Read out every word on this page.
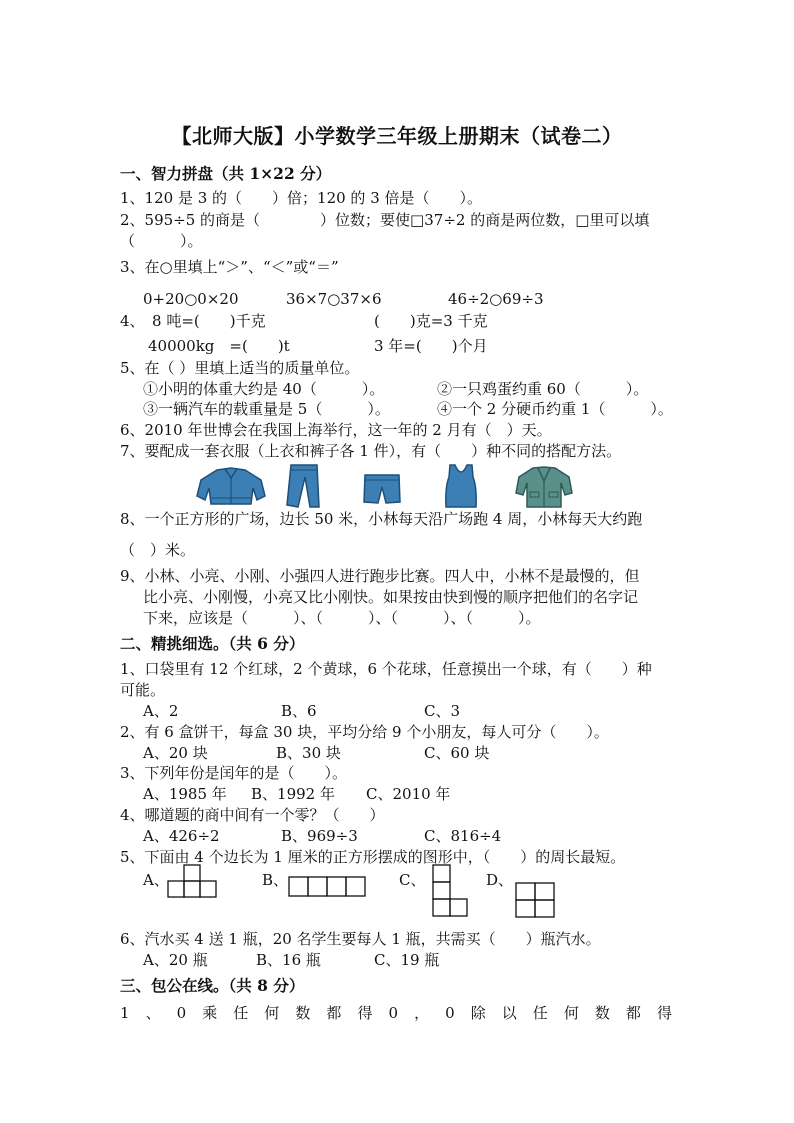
【北师大版】小学数学三年级上册期末（试卷二）
一、智力拼盘（共 1×22 分）
1、120 是 3 的（　　）倍；120 的 3 倍是（　　）。
2、595÷5 的商是（　　　　）位数；要使□37÷2 的商是两位数，□里可以填
（　　　）。
3、在○里填上“＞”、“＜”或“＝”
0+20○0×20	36×7○37×6	46÷2○69÷3
4、　8 吨=(　　)千克	(　　)克=3 千克
40000kg　=(　　)t	3 年=(　　)个月
5、在（ ）里填上适当的质量单位。
①小明的体重大约是 40（　　　）。	②一只鸡蛋约重 60（　　　）。
③一辆汽车的载重量是 5（　　　）。	④一个 2 分硬币约重 1（　　　）。
6、2010 年世博会在我国上海举行，这一年的 2 月有（　）天。
7、要配成一套衣服（上衣和裤子各 1 件），有（　　）种不同的搭配方法。
8、一个正方形的广场，边长 50 米，小林每天沿广场跑 4 周，小林每天大约跑
（　）米。
9、小林、小亮、小刚、小强四人进行跑步比赛。四人中，小林不是最慢的，但
比小亮、小刚慢，小亮又比小刚快。如果按由快到慢的顺序把他们的名字记
下来，应该是（　　　）、（　　　）、（　　　）、（　　　）。
二、精挑细选。（共 6 分）
1、口袋里有 12 个红球，2 个黄球，6 个花球，任意摸出一个球，有（　　）种
可能。
A、2	B、6	C、3
2、有 6 盒饼干，每盒 30 块，平均分给 9 个小朋友，每人可分（　　）。
A、20 块	B、30 块	C、60 块
3、下列年份是闰年的是（　　）。
A、1985 年 B、1992 年 C、2010 年
4、哪道题的商中间有一个零？（　　）
A、426÷2	B、969÷3	C、816÷4
5、下面由 4 个边长为 1 厘米的正方形摆成的图形中，（　　）的周长最短。
A、	B、	C、	D、
6、汽水买 4 送 1 瓶，20 名学生要每人 1 瓶，共需买（　　）瓶汽水。
A、20 瓶	B、16 瓶	C、19 瓶
三、包公在线。（共 8 分）
1 、 0 乘 任 何 数 都 得 0 ， 0 除 以 任 何 数 都 得
